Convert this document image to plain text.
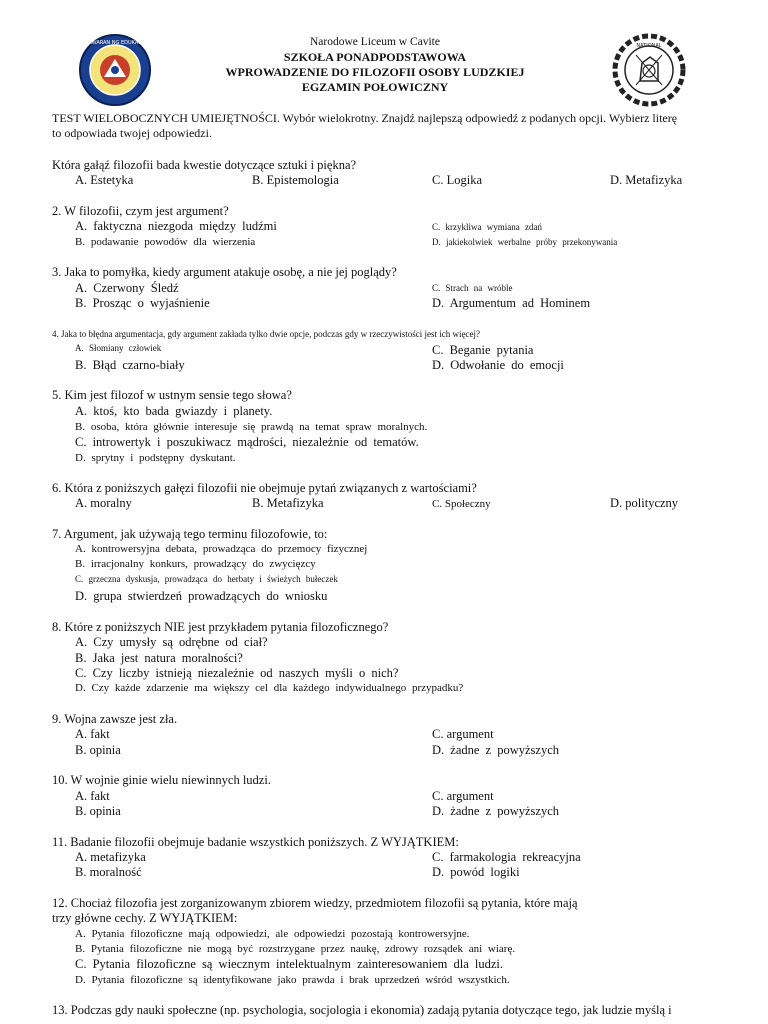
KAGAWARAN NG EDUKASYON	NATIONAL
Narodowe Liceum w Cavite
SZKOŁA PONADPODSTAWOWA
WPROWADZENIE DO FILOZOFII OSOBY LUDZKIEJ
EGZAMIN POŁOWICZNY
TEST WIELOBOCZNYCH UMIEJĘTNOŚCI. Wybór wielokrotny. Znajdź najlepszą odpowiedź z podanych opcji. Wybierz literę
to odpowiada twojej odpowiedzi.
Która gałąź filozofii bada kwestie dotyczące sztuki i piękna?
A. Estetyka	B. Epistemologia	C. Logika	D. Metafizyka
2. W filozofii, czym jest argument?
A. faktyczna niezgoda między ludźmi
B. podawanie powodów dla wierzenia
C. krzykliwa wymiana zdań
D. jakiekolwiek werbalne próby przekonywania
3. Jaka to pomyłka, kiedy argument atakuje osobę, a nie jej poglądy?
A. Czerwony Śledź
B. Prosząc o wyjaśnienie
C. Strach na wróble
D. Argumentum ad Hominem
4. Jaka to błędna argumentacja, gdy argument zakłada tylko dwie opcje, podczas gdy w rzeczywistości jest ich więcej?
A. Słomiany człowiek
B. Błąd czarno-biały
C. Beganie pytania
D. Odwołanie do emocji
5. Kim jest filozof w ustnym sensie tego słowa?
A. ktoś, kto bada gwiazdy i planety.
B. osoba, która głównie interesuje się prawdą na temat spraw moralnych.
C. introwertyk i poszukiwacz mądrości, niezależnie od tematów.
D. sprytny i podstępny dyskutant.
6. Która z poniższych gałęzi filozofii nie obejmuje pytań związanych z wartościami?
A. moralny	B. Metafizyka	C. Społeczny	D. polityczny
7. Argument, jak używają tego terminu filozofowie, to:
A. kontrowersyjna debata, prowadząca do przemocy fizycznej
B. irracjonalny konkurs, prowadzący do zwycięzcy
C. grzeczna dyskusja, prowadząca do herbaty i świeżych bułeczek
D. grupa stwierdzeń prowadzących do wniosku
8. Które z poniższych NIE jest przykładem pytania filozoficznego?
A. Czy umysły są odrębne od ciał?
B. Jaka jest natura moralności?
C. Czy liczby istnieją niezależnie od naszych myśli o nich?
D. Czy każde zdarzenie ma większy cel dla każdego indywidualnego przypadku?
9. Wojna zawsze jest zła.
A. fakt
B. opinia
C. argument
D. żadne z powyższych
10. W wojnie ginie wielu niewinnych ludzi.
A. fakt
B. opinia
C. argument
D. żadne z powyższych
11. Badanie filozofii obejmuje badanie wszystkich poniższych. Z WYJĄTKIEM:
A. metafizyka
B. moralność
C. farmakologia rekreacyjna
D. powód logiki
12. Chociaż filozofia jest zorganizowanym zbiorem wiedzy, przedmiotem filozofii są pytania, które mają
trzy główne cechy. Z WYJĄTKIEM:
A. Pytania filozoficzne mają odpowiedzi, ale odpowiedzi pozostają kontrowersyjne.
B. Pytania filozoficzne nie mogą być rozstrzygane przez naukę, zdrowy rozsądek ani wiarę.
C. Pytania filozoficzne są wiecznym intelektualnym zainteresowaniem dla ludzi.
D. Pytania filozoficzne są identyfikowane jako prawda i brak uprzedzeń wśród wszystkich.
13. Podczas gdy nauki społeczne (np. psychologia, socjologia i ekonomia) zadają pytania dotyczące tego, jak ludzie myślą i
